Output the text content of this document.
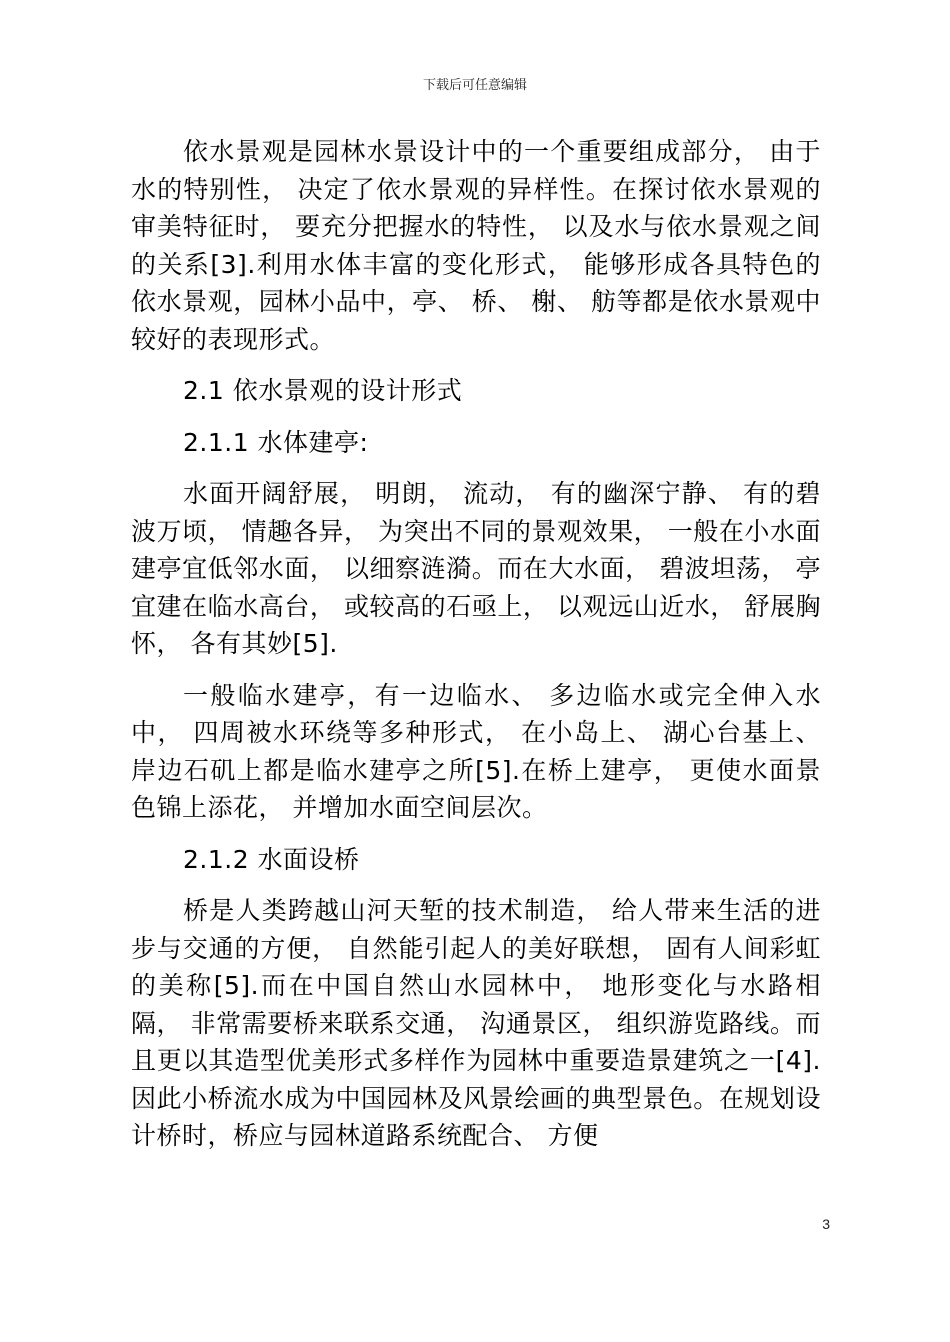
下载后可任意编辑

依水景观是园林水景设计中的一个重要组成部分， 由于水的特别性， 决定了依水景观的异样性。在探讨依水景观的审美特征时， 要充分把握水的特性， 以及水与依水景观之间的关系[3].利用水体丰富的变化形式， 能够形成各具特色的依水景观，园林小品中，亭、 桥、 榭、 舫等都是依水景观中较好的表现形式。

2.1 依水景观的设计形式

2.1.1 水体建亭:

水面开阔舒展， 明朗， 流动， 有的幽深宁静、 有的碧波万顷， 情趣各异， 为突出不同的景观效果， 一般在小水面建亭宜低邻水面， 以细察涟漪。而在大水面， 碧波坦荡， 亭宜建在临水高台， 或较高的石亟上， 以观远山近水， 舒展胸怀， 各有其妙[5].

一般临水建亭，有一边临水、 多边临水或完全伸入水中， 四周被水环绕等多种形式， 在小岛上、 湖心台基上、 岸边石矶上都是临水建亭之所[5].在桥上建亭， 更使水面景色锦上添花， 并增加水面空间层次。

2.1.2 水面设桥

桥是人类跨越山河天堑的技术制造， 给人带来生活的进步与交通的方便， 自然能引起人的美好联想， 固有人间彩虹的美称[5].而在中国自然山水园林中， 地形变化与水路相隔， 非常需要桥来联系交通， 沟通景区， 组织游览路线。而且更以其造型优美形式多样作为园林中重要造景建筑之一[4].因此小桥流水成为中国园林及风景绘画的典型景色。在规划设计桥时，桥应与园林道路系统配合、 方便

3
